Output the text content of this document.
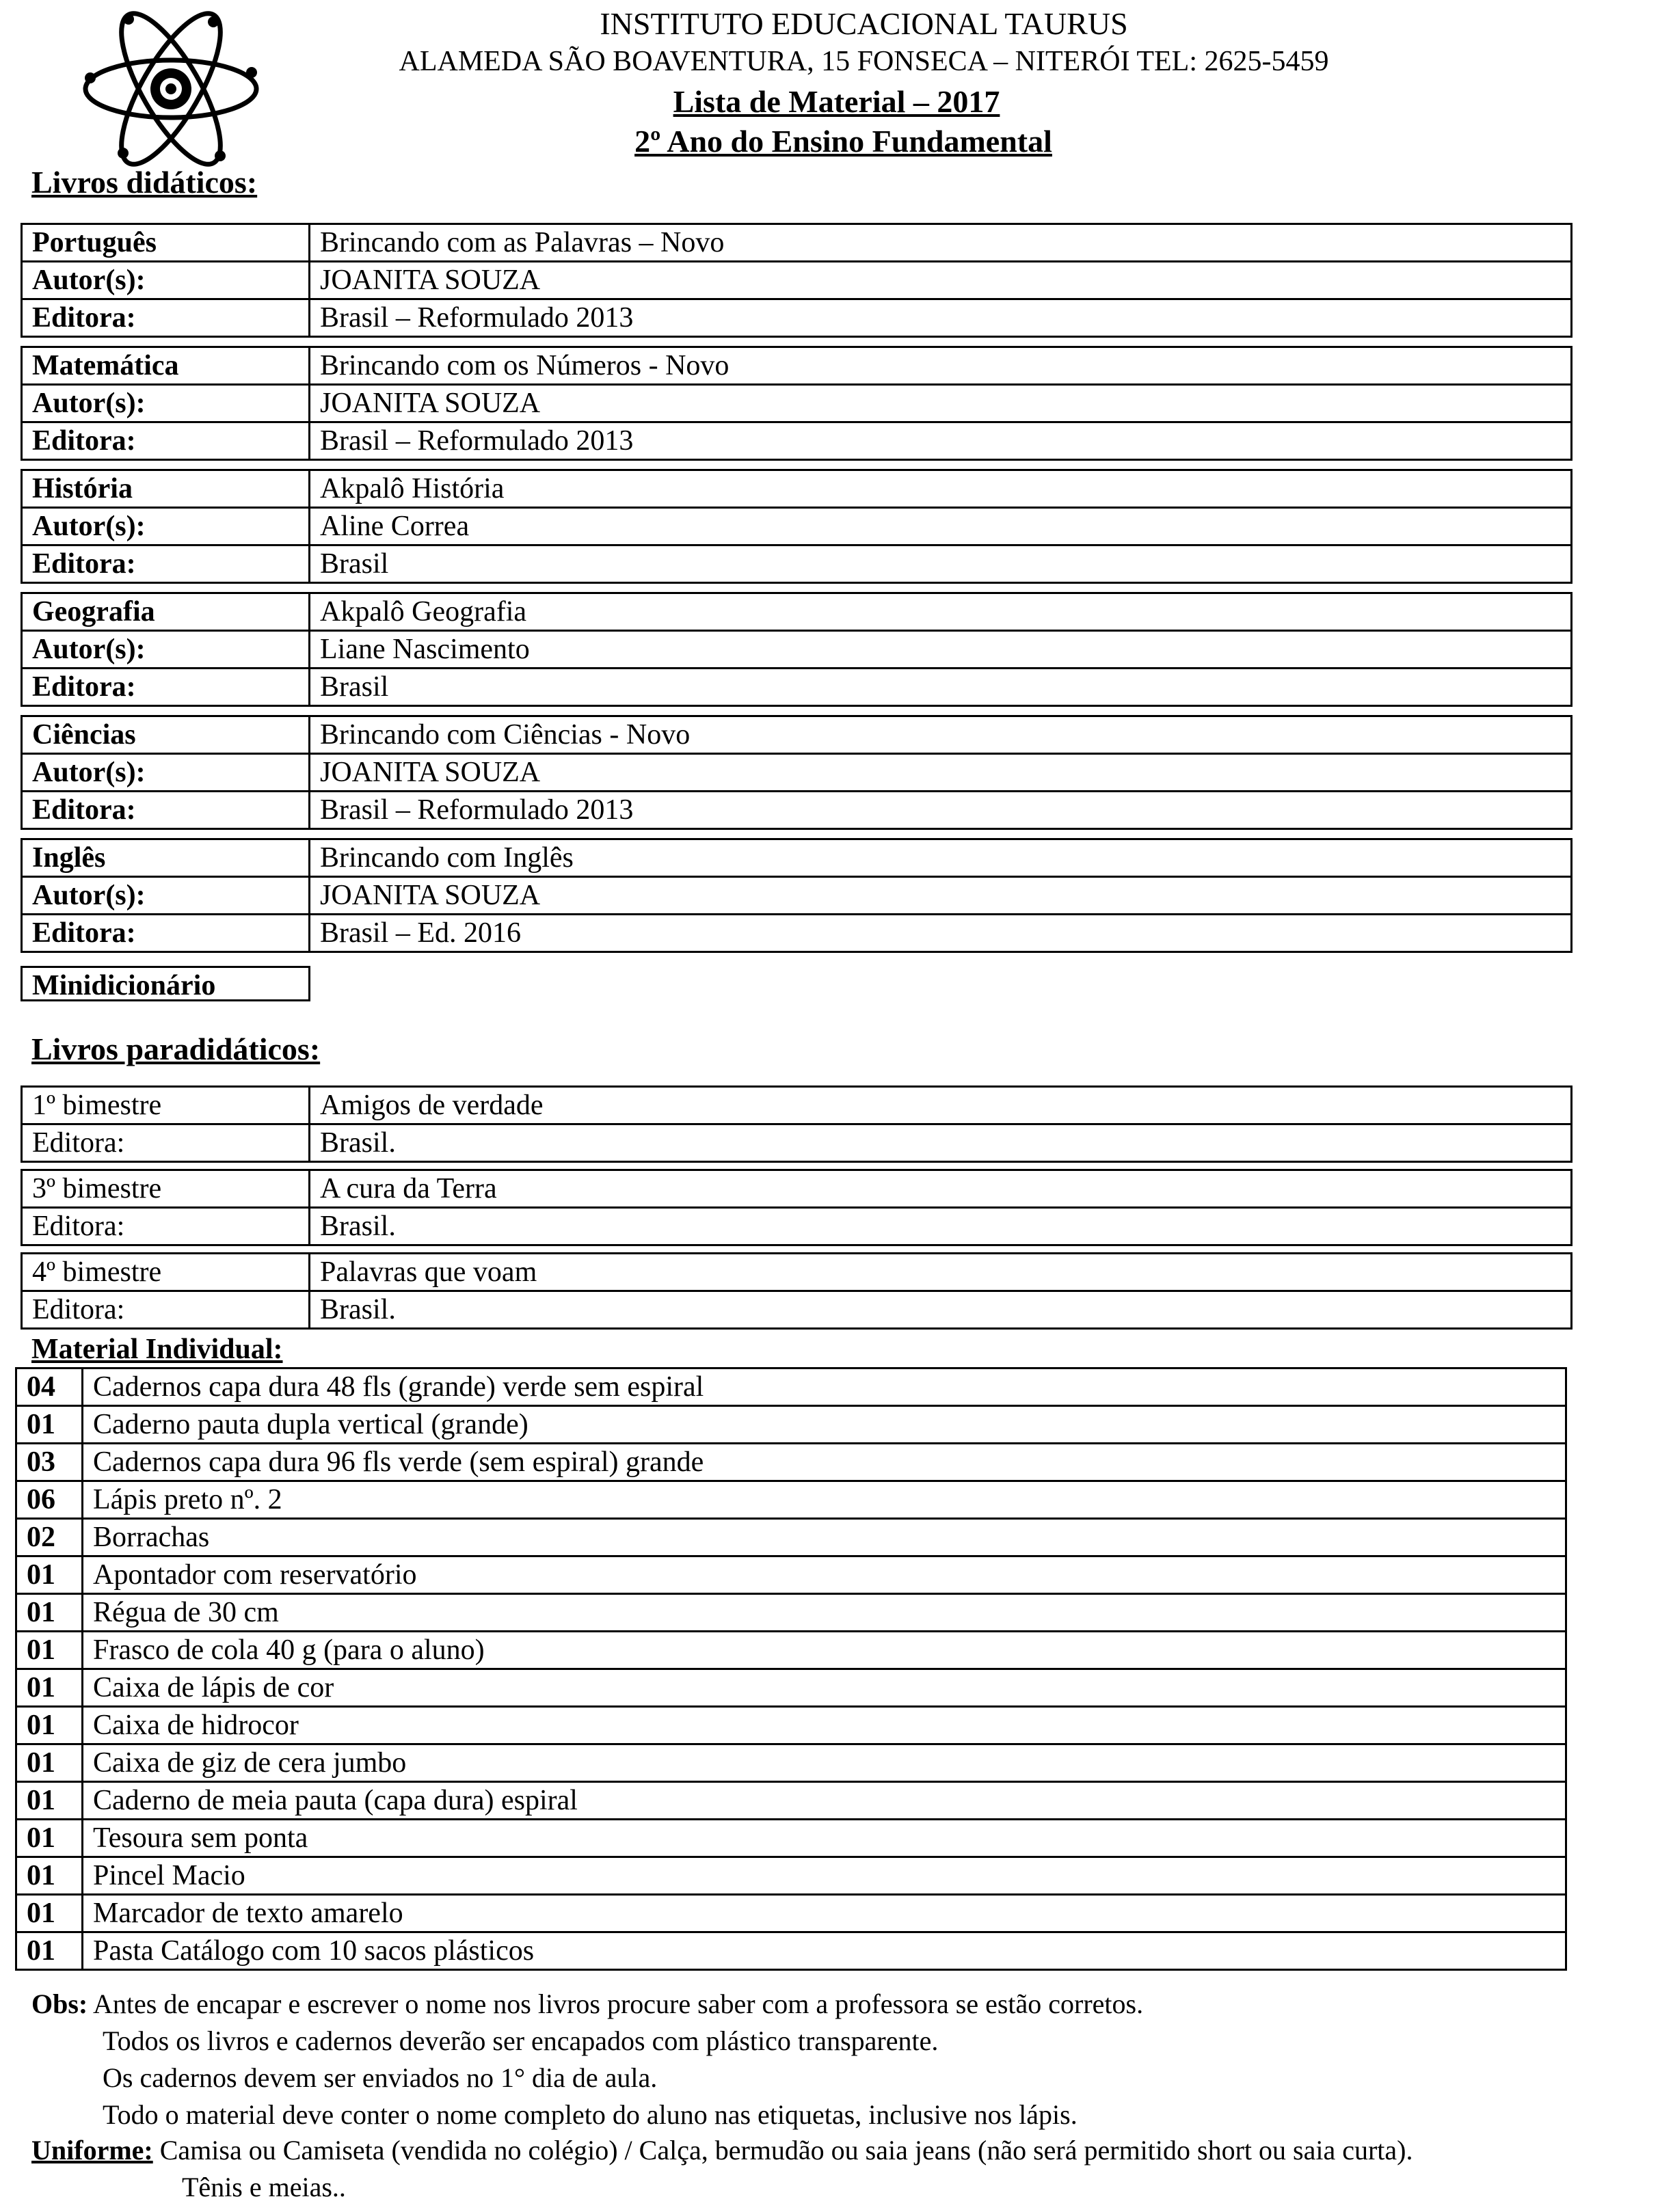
INSTITUTO EDUCACIONAL TAURUS
ALAMEDA SÃO BOAVENTURA, 15 FONSECA – NITERÓI TEL: 2625-5459
Lista de Material – 2017
2º Ano do Ensino Fundamental
Livros didáticos:
Português	Brincando com as Palavras – Novo
Autor(s):	JOANITA SOUZA
Editora:	Brasil – Reformulado 2013
Matemática	Brincando com os Números - Novo
Autor(s):	JOANITA SOUZA
Editora:	Brasil – Reformulado 2013
História	Akpalô História
Autor(s):	Aline Correa
Editora:	Brasil
Geografia	Akpalô Geografia
Autor(s):	Liane Nascimento
Editora:	Brasil
Ciências	Brincando com Ciências - Novo
Autor(s):	JOANITA SOUZA
Editora:	Brasil – Reformulado 2013
Inglês	Brincando com Inglês
Autor(s):	JOANITA SOUZA
Editora:	Brasil – Ed. 2016
Minidicionário
Livros paradidáticos:
1º bimestre	Amigos de verdade
Editora:	Brasil.
3º bimestre	A cura da Terra
Editora:	Brasil.
4º bimestre	Palavras que voam
Editora:	Brasil.
Material Individual:
04	Cadernos capa dura 48 fls (grande) verde sem espiral
01	Caderno pauta dupla vertical (grande)
03	Cadernos capa dura 96 fls verde (sem espiral) grande
06	Lápis preto nº. 2
02	Borrachas
01	Apontador com reservatório
01	Régua de 30 cm
01	Frasco de cola 40 g (para o aluno)
01	Caixa de lápis de cor
01	Caixa de hidrocor
01	Caixa de giz de cera jumbo
01	Caderno de meia pauta (capa dura) espiral
01	Tesoura sem ponta
01	Pincel Macio
01	Marcador de texto amarelo
01	Pasta Catálogo com 10 sacos plásticos
Obs: Antes de encapar e escrever o nome nos livros procure saber com a professora se estão corretos.
Todos os livros e cadernos deverão ser encapados com plástico transparente.
Os cadernos devem ser enviados no 1° dia de aula.
Todo o material deve conter o nome completo do aluno nas etiquetas, inclusive nos lápis.
Uniforme: Camisa ou Camiseta (vendida no colégio) / Calça, bermudão ou saia jeans (não será permitido short ou saia curta).
Tênis e meias..
